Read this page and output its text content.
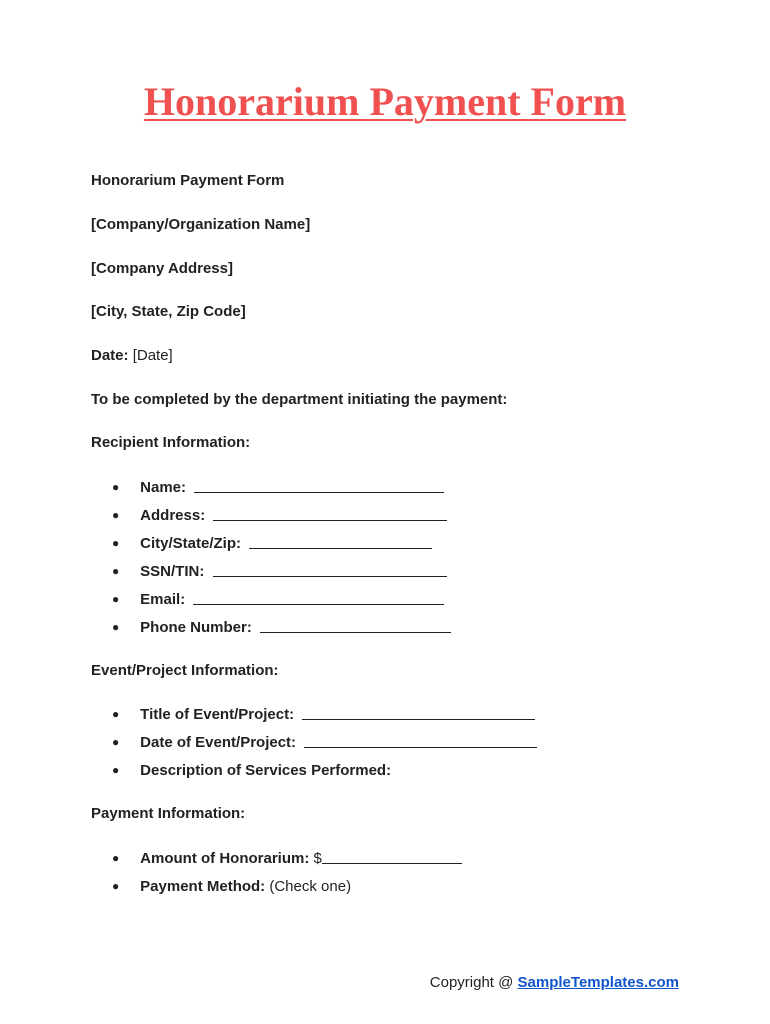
Honorarium Payment Form
Honorarium Payment Form
[Company/Organization Name]
[Company Address]
[City, State, Zip Code]
Date: [Date]
To be completed by the department initiating the payment:
Recipient Information:
● Name:
● Address:
● City/State/Zip:
● SSN/TIN:
● Email:
● Phone Number:
Event/Project Information:
● Title of Event/Project:
● Date of Event/Project:
● Description of Services Performed:
Payment Information:
● Amount of Honorarium: $
● Payment Method: (Check one)
Copyright @ SampleTemplates.com
